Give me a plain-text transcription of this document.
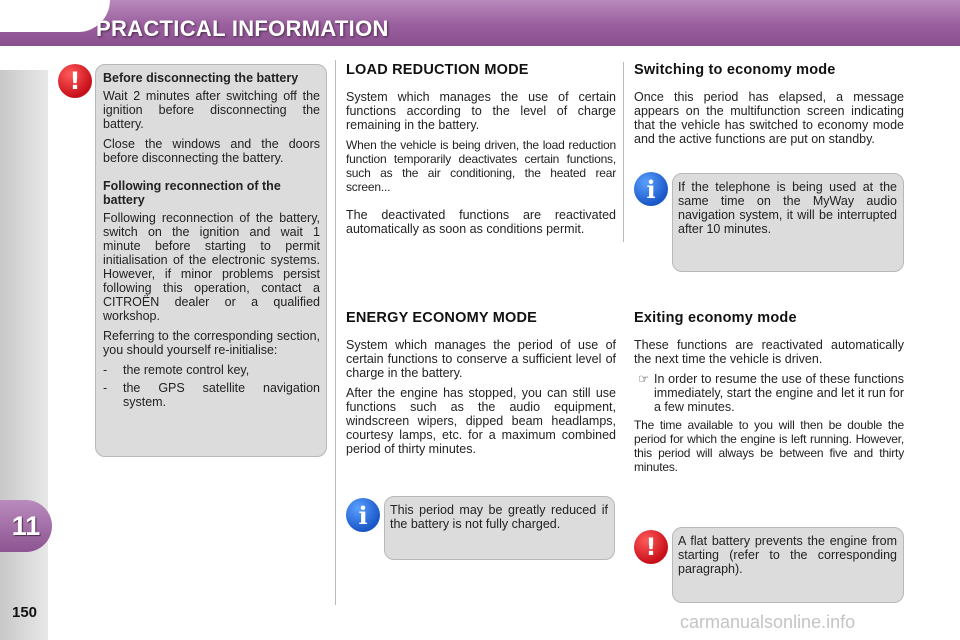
PRACTICAL INFORMATION
11
150
!	Before disconnecting the battery

Wait 2 minutes after switching off the ignition before disconnecting the battery.

Close the windows and the doors before disconnecting the battery.

Following reconnection of the battery

Following reconnection of the battery, switch on the ignition and wait 1 minute before starting to permit initialisation of the electronic systems. However, if minor problems persist following this operation, contact a CITROËN dealer or a qualified workshop.

Referring to the corresponding section, you should yourself re-initialise:

-	the remote control key,
-	the GPS satellite navigation system.
LOAD REDUCTION MODE

System which manages the use of certain functions according to the level of charge remaining in the battery.

When the vehicle is being driven, the load reduction function temporarily deactivates certain functions, such as the air conditioning, the heated rear screen...

The deactivated functions are reactivated automatically as soon as conditions permit.

Switching to economy mode

Once this period has elapsed, a message appears on the multifunction screen indicating that the vehicle has switched to economy mode and the active functions are put on standby.

i	If the telephone is being used at the same time on the MyWay audio navigation system, it will be interrupted after 10 minutes.
ENERGY ECONOMY MODE

System which manages the period of use of certain functions to conserve a sufficient level of charge in the battery.

After the engine has stopped, you can still use functions such as the audio equipment, windscreen wipers, dipped beam headlamps, courtesy lamps, etc. for a maximum combined period of thirty minutes.

i	This period may be greatly reduced if the battery is not fully charged.
Exiting economy mode

These functions are reactivated automatically the next time the vehicle is driven.

☞ In order to resume the use of these functions immediately, start the engine and let it run for a few minutes.

The time available to you will then be double the period for which the engine is left running. However, this period will always be between five and thirty minutes.

!	A flat battery prevents the engine from starting (refer to the corresponding paragraph).
carmanualsonline.info
